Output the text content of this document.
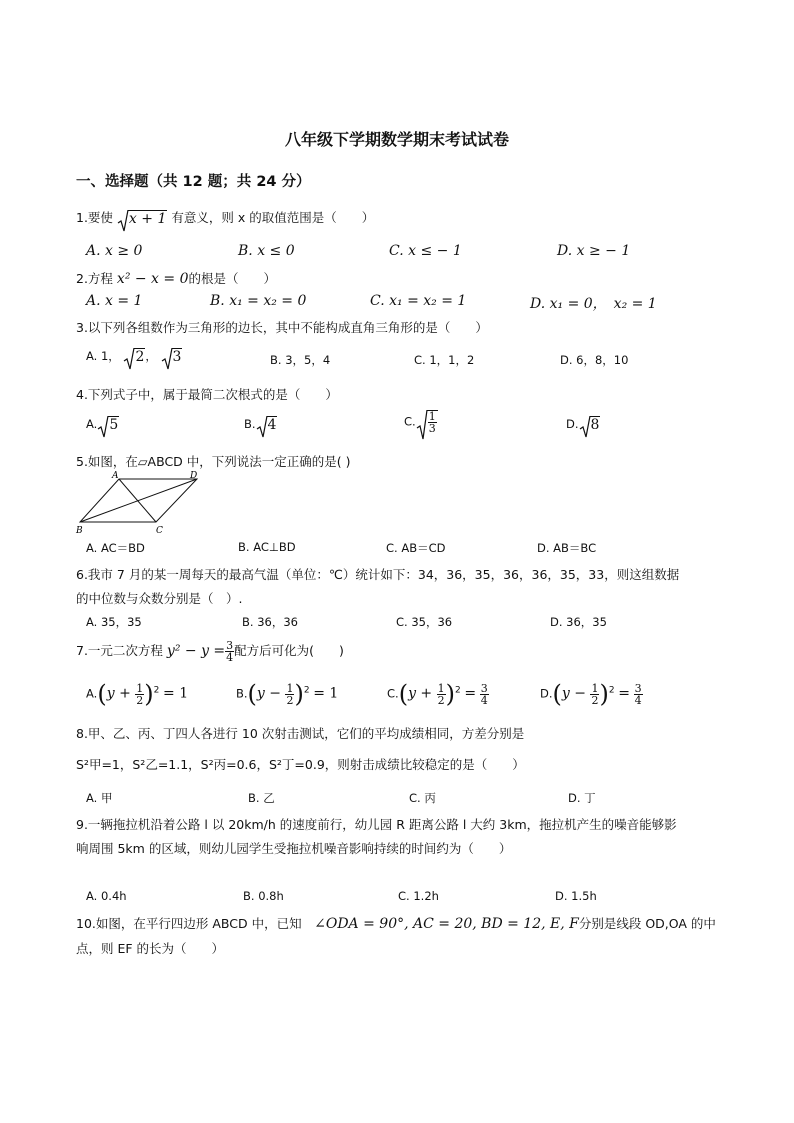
八年级下学期数学期末考试试卷
一、选择题（共 12 题；共 24 分）
1.要使 x + 1 有意义，则 x 的取值范围是（　　）
A. x ≥ 0	B. x ≤ 0	C. x ≤ − 1	D. x ≥ − 1
2.方程 x² − x = 0的根是（　　）
A. x = 1	B. x₁ = x₂ = 0	C. x₁ = x₂ = 1	D. x₁ = 0，　x₂ = 1
3.以下列各组数作为三角形的边长，其中不能构成直角三角形的是（　　）
A. 1， 2， 3	B. 3，5，4	C. 1，1，2	D. 6，8，10
4.下列式子中，属于最简二次根式的是（　　）
A. 5	B. 4	C. $\frac{1}{3}$	D. 8
5.如图，在▱ABCD 中，下列说法一定正确的是( )
A	D
B	C
A. AC＝BD	B. AC⊥BD	C. AB＝CD	D. AB＝BC
6.我市 7 月的某一周每天的最高气温（单位：℃）统计如下：34，36，35，36，36，35，33，则这组数据
的中位数与众数分别是（　）.
A. 35，35	B. 36，36	C. 35，36	D. 36，35
7.一元二次方程 $y^2 - y = \frac{3}{4}$ 配方后可化为(　　)
$A.(y + \frac{1}{2} )^2 = 1$	$B.(y - \frac{1}{2} )^2 = 1$	$C.(y + \frac{1}{2} )^2 = \frac{3}{4}$	$D.(y - \frac{1}{2} )^2 = \frac{3}{4}$
8.甲、乙、丙、丁四人各进行 10 次射击测试，它们的平均成绩相同，方差分别是
S²甲=1，S²乙=1.1，S²丙=0.6，S²丁=0.9，则射击成绩比较稳定的是（　　）
A. 甲	B. 乙	C. 丙	D. 丁
9.一辆拖拉机沿着公路 l 以 20km/h 的速度前行，幼儿园 R 距离公路 l 大约 3km，拖拉机产生的噪音能够影
响周围 5km 的区域，则幼儿园学生受拖拉机噪音影响持续的时间约为（　　）
A. 0.4h	B. 0.8h	C. 1.2h	D. 1.5h
10.如图，在平行四边形 ABCD 中，已知　 ∠ODA = 90°, AC = 20, BD = 12, E, F分别是线段 OD,OA 的中
点，则 EF 的长为（　　）
